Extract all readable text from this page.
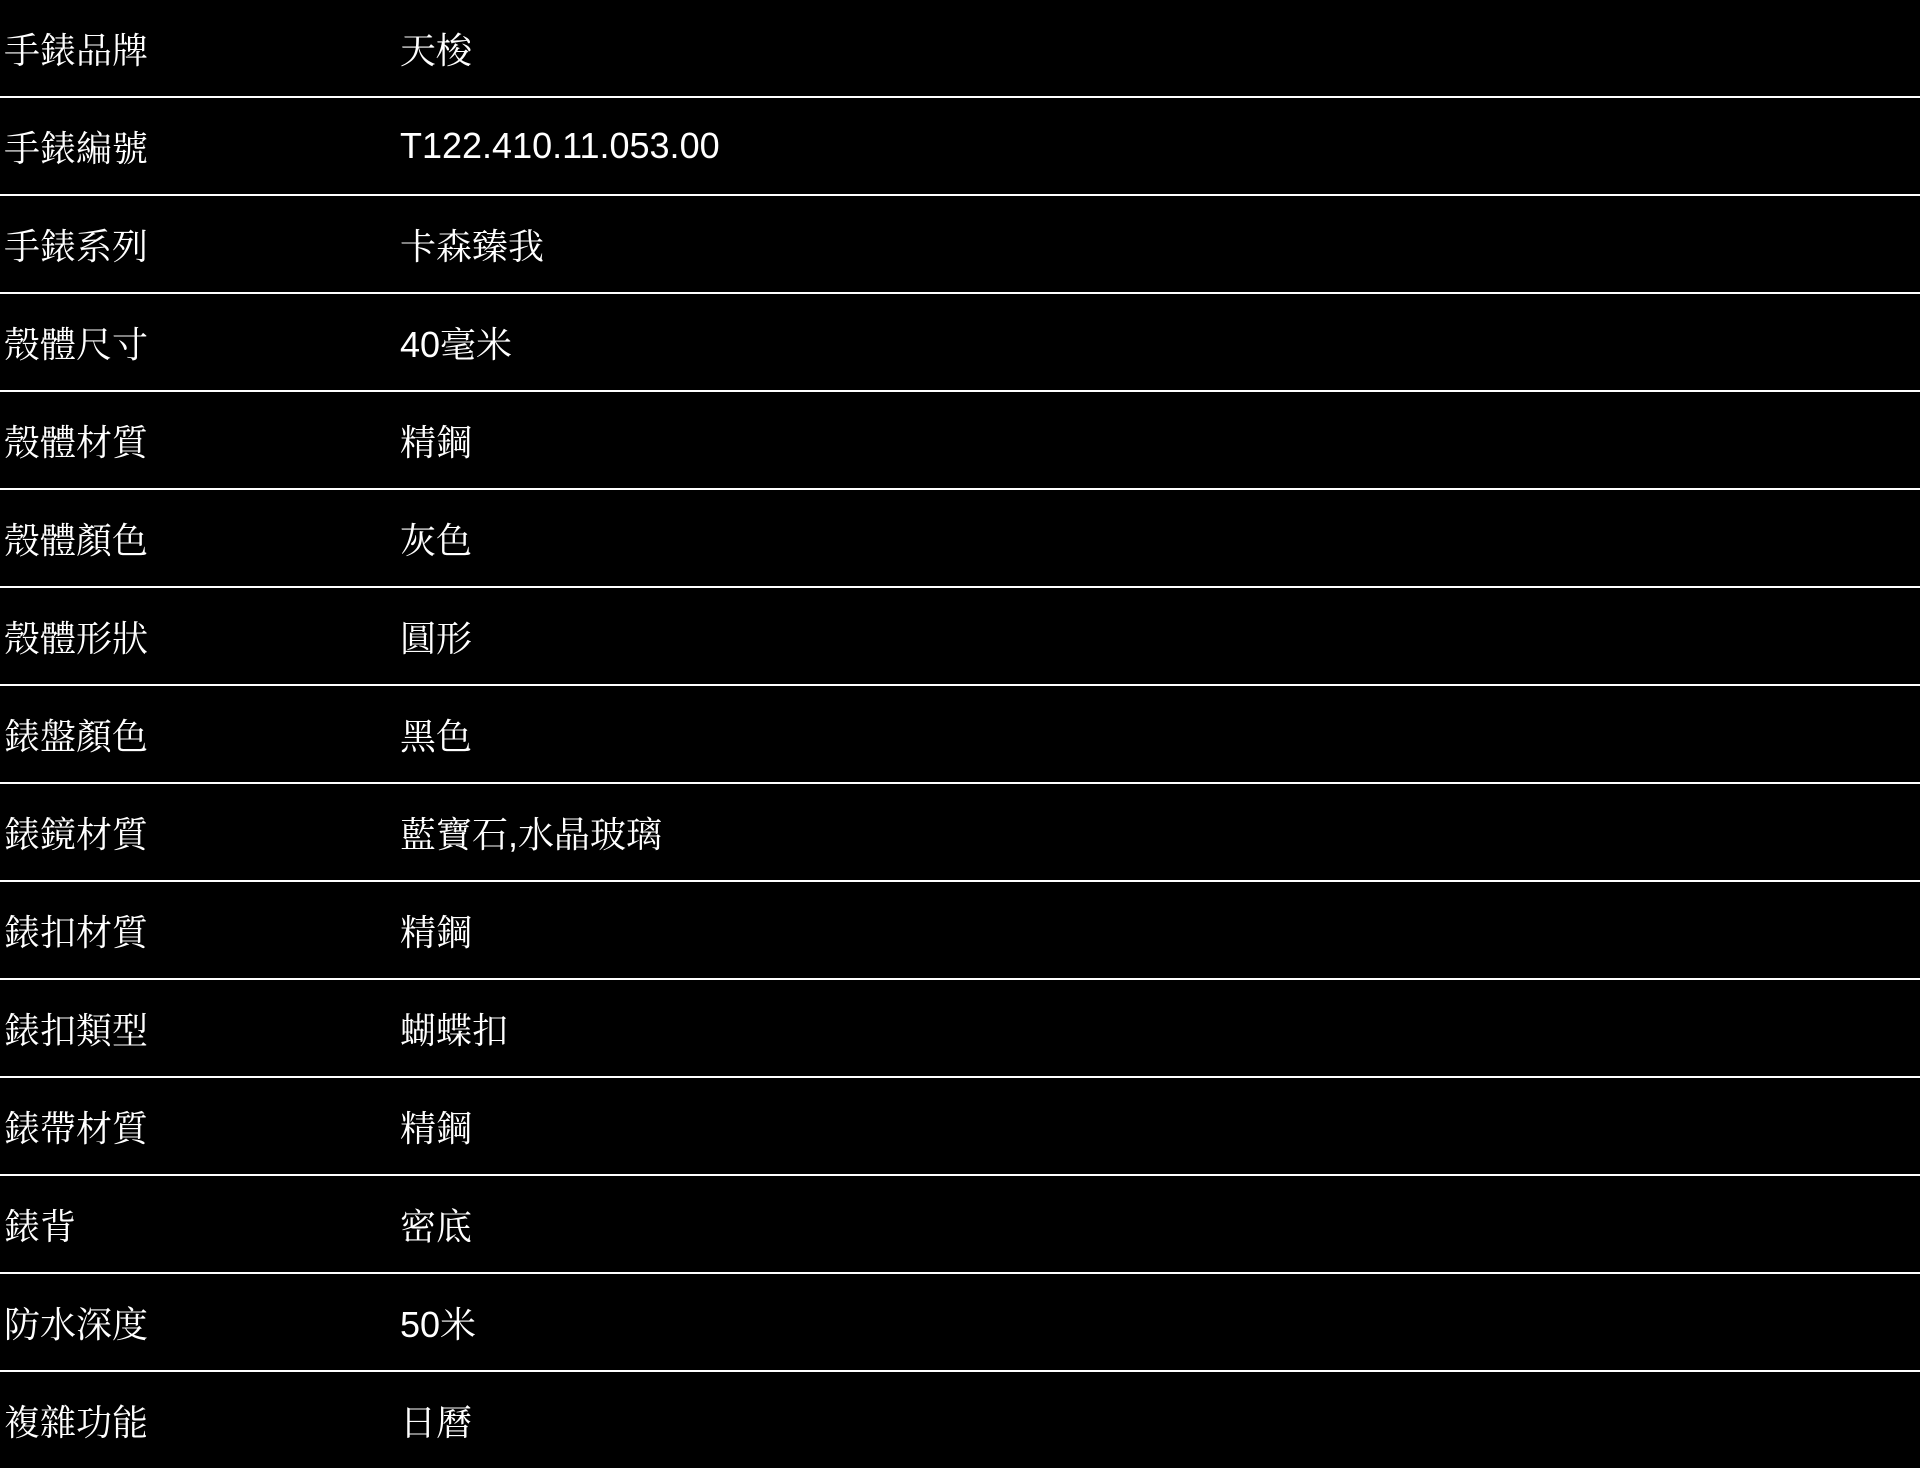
手錶品牌	天梭
手錶編號	T122.410.11.053.00
手錶系列	卡森臻我
殼體尺寸	40毫米
殼體材質	精鋼
殼體顏色	灰色
殼體形狀	圓形
錶盤顏色	黑色
錶鏡材質	藍寶石,水晶玻璃
錶扣材質	精鋼
錶扣類型	蝴蝶扣
錶帶材質	精鋼
錶背	密底
防水深度	50米
複雜功能	日曆
